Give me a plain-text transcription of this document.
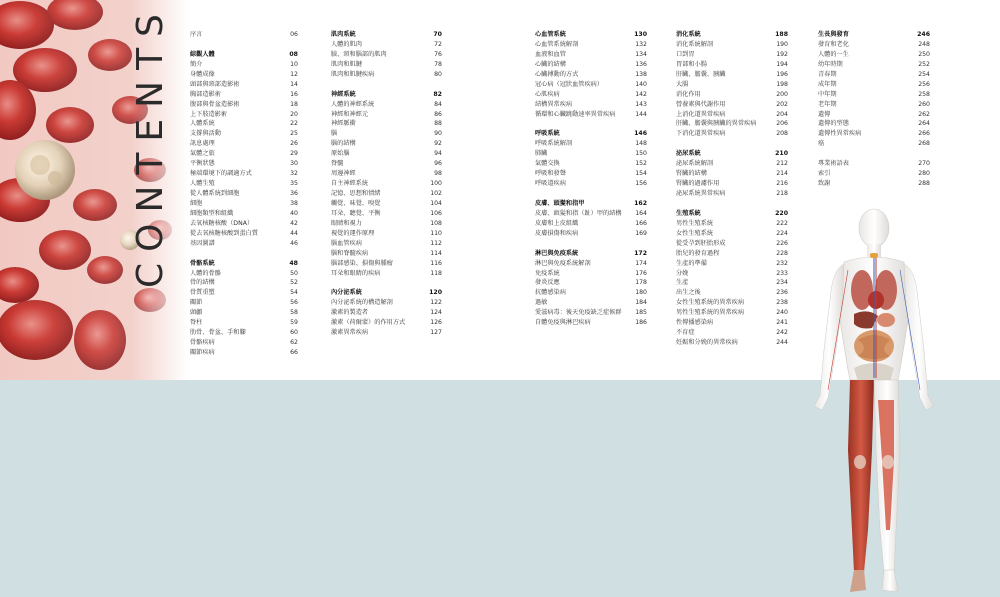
CONTENTS	序言	06
綜觀人體	08
簡介	10
身體成像	12
頭部與頸部造影術	14
胸部造影術	16
腹部與骨盆造影術	18
上下肢造影術	20
人體系統	22
支撐與活動	25
訊息處理	26
氣體之旅	29
平衡狀態	30
極端環境下的調適方式	32
人體生殖	35
從人體系統到細胞	36
細胞	38
細胞類型和組織	40
去氧核糖核酸（DNA）	42
從去氧核糖核酸到蛋白質	44
基因圖譜	46
骨骼系統	48
人體的骨骼	50
骨的結構	52
骨質重塑	54
關節	56
頭顱	58
脊柱	59
肋骨、骨盆、手和腳	60
骨骼疾病	62
關節疾病	66
肌肉系統	70
人體的肌肉	72
臉、頸和腦部的肌肉	76
肌肉和肌腱	78
肌肉和肌腱疾病	80
神經系統	82
人體的神經系統	84
神經和神經元	86
神經脈衝	88
腦	90
腦的結構	92
原始腦	94
脊髓	96
周邊神經	98
自主神經系統	100
記憶、思想和情緒	102
觸覺、味覺、嗅覺	104
耳朵、聽覺、平衡	106
眼睛和視力	108
視覺的運作原理	110
腦血管疾病	112
腦和脊髓疾病	114
腦部感染、損傷與腫瘤	116
耳朵和眼睛的疾病	118
內分泌系統	120
內分泌系統的構造解剖	122
激素的製造者	124
激素（荷爾蒙）的作用方式	126
激素異常疾病	127
心血管系統	130
心血管系統解剖	132
血液和血管	134
心臟的結構	136
心臟搏動的方式	138
冠心病（冠狀血管疾病）	140
心肌疾病	142
結構異常疾病	143
循環和心臟跳動速率異常疾病	144
呼吸系統	146
呼吸系統解剖	148
肺臟	150
氣體交換	152
呼吸和發聲	154
呼吸道疾病	156
皮膚、頭髮和指甲	162
皮膚、頭髮和指（趾）甲的結構	164
皮膚和上皮組織	166
皮膚損傷和疾病	169
淋巴與免疫系統	172
淋巴與免疫系統解剖	174
免疫系統	176
發炎反應	178
抗體感染病	180
過敏	184
愛滋病毒：後天免疫缺乏症候群	185
自體免疫與淋巴疾病	186
消化系統	188
消化系統解剖	190
口到胃	192
胃部和小腸	194
肝臟、膽囊、胰臟	196
大腸	198
消化作用	200
營養素與代謝作用	202
上消化道異常疾病	204
肝臟、膽囊與胰臟的異常疾病	206
下消化道異常疾病	208
泌尿系統	210
泌尿系統解剖	212
腎臟的結構	214
腎臟的過濾作用	216
泌尿系統異常疾病	218
生殖系統	220
男性生殖系統	222
女性生殖系統	224
從受孕到胚胎形成	226
胎兒的發育過程	228
生產的準備	232
分娩	233
生產	234
出生之後	236
女性生殖系統的異常疾病	238
男性生殖系統的異常疾病	240
性傳播感染病	241
不育症	242
妊娠和分娩的異常疾病	244
生長與發育	246
發育和老化	248
人體的一生	250
幼年時期	252
青春期	254
成年期	256
中年期	258
老年期	260
遺傳	262
遺傳的型態	264
遺傳性異常疾病	266
癌	268
專業術語表	270
索引	280
致謝	288
